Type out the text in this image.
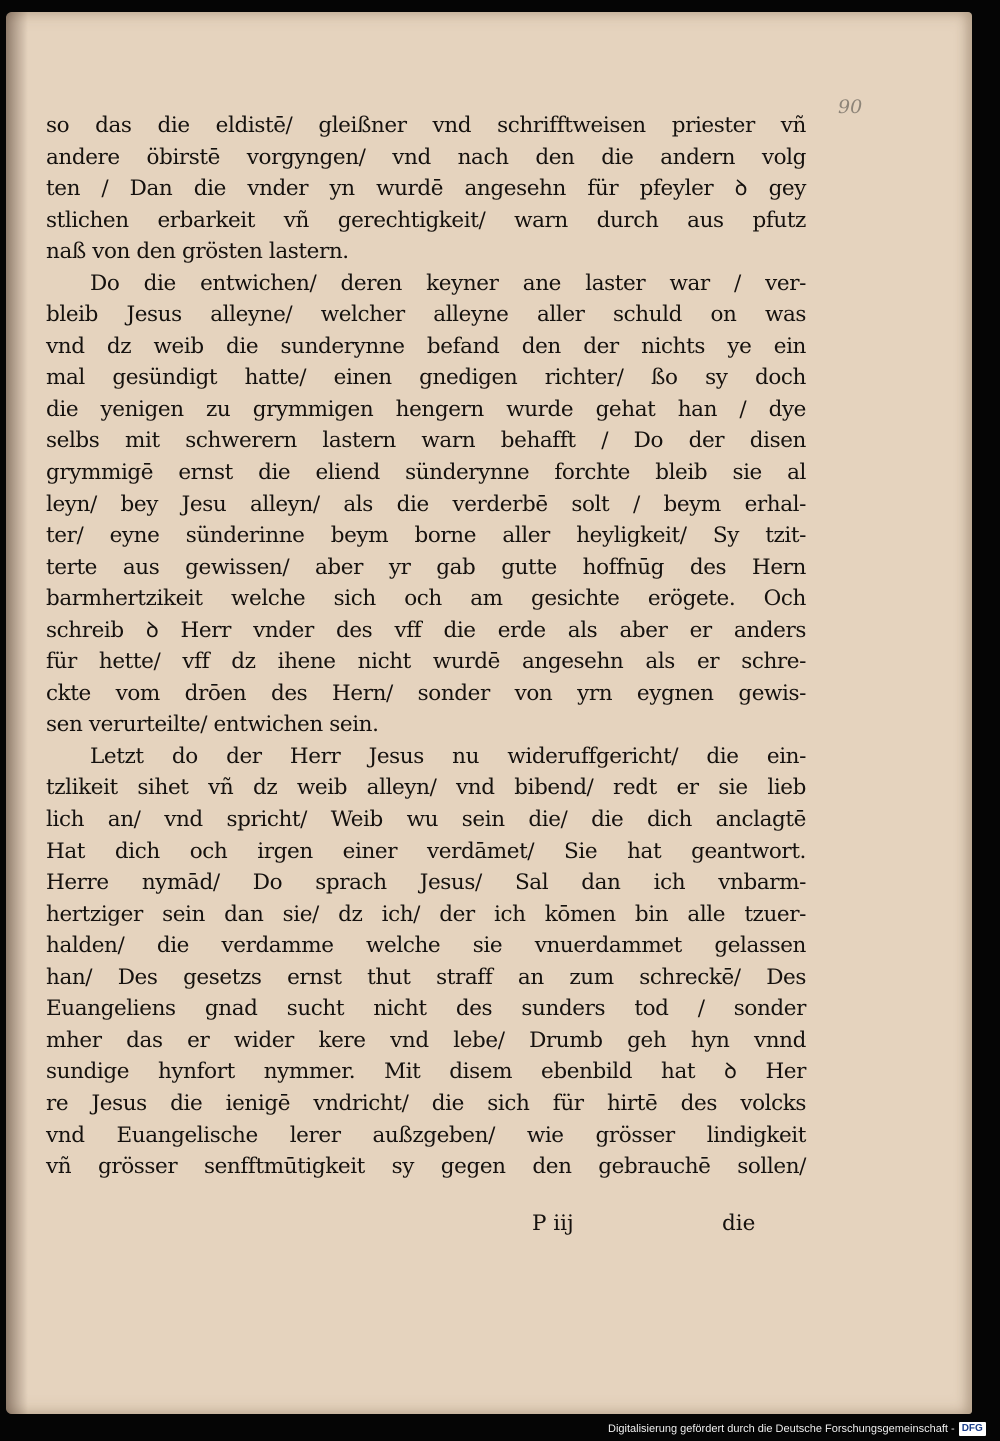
90
so das die eldistē/ gleißner vnd schrifftweisen priester vñ
andere öbirstē vorgyngen/ vnd nach den die andern volg
ten / Dan die vnder yn wurdē angesehn für pfeyler ꝺ gey
stlichen erbarkeit vñ gerechtigkeit/ warn durch aus pfutz
naß von den grösten lastern.
Do die entwichen/ deren keyner ane laster war / ver-
bleib Jesus alleyne/ welcher alleyne aller schuld on was
vnd dz weib die sunderynne befand den der nichts ye ein
mal gesündigt hatte/ einen gnedigen richter/ ßo sy doch
die yenigen zu grymmigen hengern wurde gehat han / dye
selbs mit schwerern lastern warn behafft / Do der disen
grymmigē ernst die eliend sünderynne forchte bleib sie al
leyn/ bey Jesu alleyn/ als die verderbē solt / beym erhal-
ter/ eyne sünderinne beym borne aller heyligkeit/ Sy tzit-
terte aus gewissen/ aber yr gab gutte hoffnūg des Hern
barmhertzikeit welche sich och am gesichte erögete. Och
schreib ꝺ Herr vnder des vff die erde als aber er anders
für hette/ vff dz ihene nicht wurdē angesehn als er schre-
ckte vom drōen des Hern/ sonder von yrn eygnen gewis-
sen verurteilte/ entwichen sein.
Letzt do der Herr Jesus nu wideruffgericht/ die ein-
tzlikeit sihet vñ dz weib alleyn/ vnd bibend/ redt er sie lieb
lich an/ vnd spricht/ Weib wu sein die/ die dich anclagtē
Hat dich och irgen einer verdāmet/ Sie hat geantwort.
Herre nymād/ Do sprach Jesus/ Sal dan ich vnbarm-
hertziger sein dan sie/ dz ich/ der ich kōmen bin alle tzuer-
halden/ die verdamme welche sie vnuerdammet gelassen
han/ Des gesetzs ernst thut straff an zum schreckē/ Des
Euangeliens gnad sucht nicht des sunders tod / sonder
mher das er wider kere vnd lebe/ Drumb geh hyn vnnd
sundige hynfort nymmer. Mit disem ebenbild hat ꝺ Her
re Jesus die ienigē vndricht/ die sich für hirtē des volcks
vnd Euangelische lerer außzgeben/ wie grösser lindigkeit
vñ grösser senfftmūtigkeit sy gegen den gebrauchē sollen/
P iij	die
Digitalisierung gefördert durch die Deutsche Forschungsgemeinschaft - DFG
